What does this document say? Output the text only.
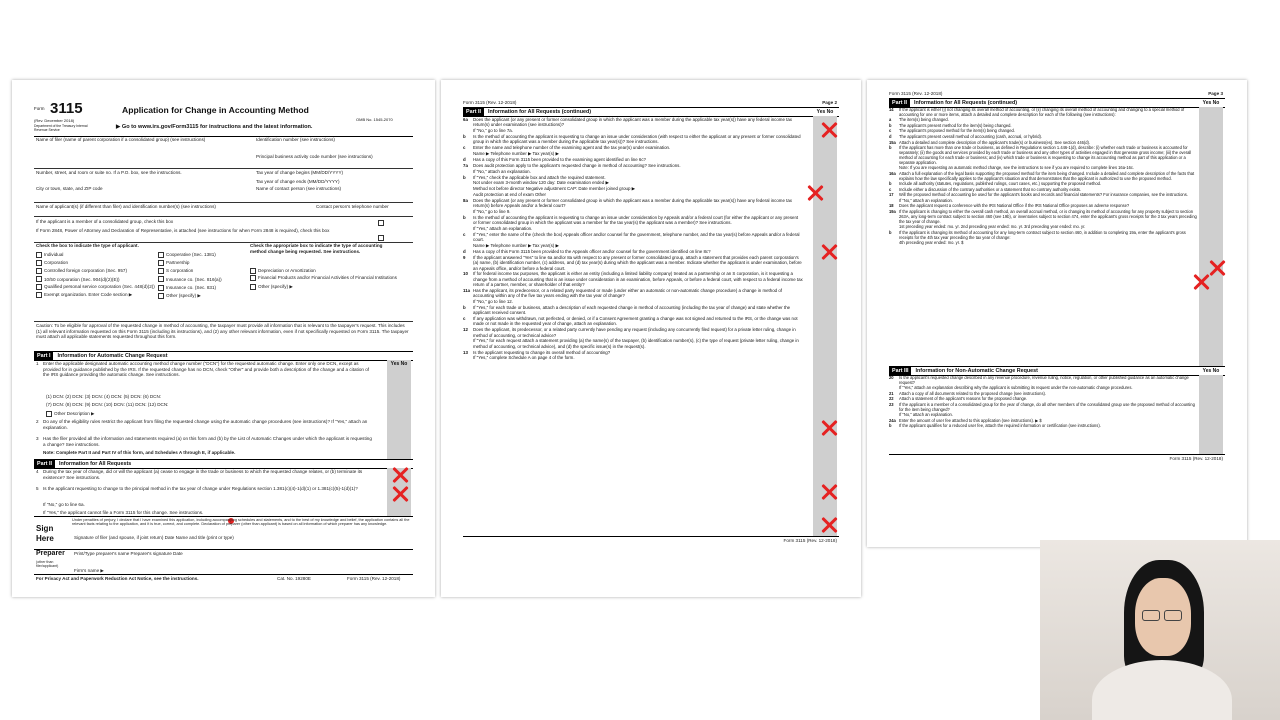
Form 3115
(Rev. December 2018)
Department of the Treasury Internal Revenue Service
Application for Change in Accounting Method
▶ Go to www.irs.gov/Form3115 for instructions and the latest information.
OMB No. 1545-2070
Name of filer (name of parent corporation if a consolidated group) (see instructions)	Identification number (see instructions)
Principal business activity code number (see instructions)
Number, street, and room or suite no. If a P.O. box, see the instructions.	Tax year of change begins (MM/DD/YYYY)
Tax year of change ends (MM/DD/YYYY)
City or town, state, and ZIP code	Name of contact person (see instructions)
Name of applicant(s) (if different than filer) and identification number(s) (see instructions)	Contact person's telephone number
If the applicant is a member of a consolidated group, check this box
If Form 2848, Power of Attorney and Declaration of Representative, is attached (see instructions for when Form 2848 is required), check this box
Check the box to indicate the type of applicant.
Individual
Corporation
Controlled foreign corporation (Sec. 957)
10/50 corporation (Sec. 904(d)(2)(E))
Qualified personal service corporation (Sec. 448(d)(2))
Exempt organization. Enter Code section ▶
Cooperative (Sec. 1381)
Partnership
S corporation
Insurance co. (Sec. 816(a))
Insurance co. (Sec. 831)
Other (specify) ▶
Check the appropriate box to indicate the type of accounting method change being requested. See instructions.
Depreciation or Amortization
Financial Products and/or Financial Activities of Financial Institutions
Other (specify) ▶
Caution: To be eligible for approval of the requested change in method of accounting, the taxpayer must provide all information that is relevant to the taxpayer's request. This includes (1) all relevant information requested on this Form 3115 (including its instructions), and (2) any other relevant information, even if not specifically requested on Form 3115. The taxpayer must attach all applicable statements requested throughout this form.
Part I Information for Automatic Change Request
Yes No
1 Enter the applicable designated automatic accounting method change number ("DCN") for the requested automatic change. Enter only one DCN, except as provided for in guidance published by the IRS. If the requested change has no DCN, check "Other" and provide both a description of the change and a citation of the IRS guidance providing the automatic change. See instructions.
(1) DCN: (2) DCN: (3) DCN: (4) DCN: (5) DCN: (6) DCN:
(7) DCN: (8) DCN: (9) DCN: (10) DCN: (11) DCN: (12) DCN:
Other Description ▶
2 Do any of the eligibility rules restrict the applicant from filing the requested change using the automatic change procedures (see instructions)? If "Yes," attach an explanation.
3 Has the filer provided all the information and statements required (a) on this form and (b) by the List of Automatic Changes under which the applicant is requesting a change? See instructions.
Note: Complete Part II and Part IV of this form, and Schedules A through E, if applicable.
Part II Information for All Requests
4 During the tax year of change, did or will the applicant (a) cease to engage in the trade or business to which the requested change relates, or (b) terminate its existence? See instructions.
5 Is the applicant requesting to change to the principal method in the tax year of change under Regulations section 1.381(c)(4)-1(d)(1) or 1.381(c)(5)-1(d)(1)?
If "No," go to line 6a.
If "Yes," the applicant cannot file a Form 3115 for this change. See instructions.
Sign Here
Under penalties of perjury, I declare that I have examined this application, including accompanying schedules and statements, and to the best of my knowledge and belief, the application contains all the relevant facts relating to the application, and it is true, correct, and complete. Declaration of preparer (other than applicant) is based on all information of which preparer has any knowledge.
Signature of filer (and spouse, if joint return) Date Name and title (print or type)
Preparer
(other than filer/applicant)
Print/Type preparer's name Preparer's signature Date
Firm's name ▶
For Privacy Act and Paperwork Reduction Act Notice, see the instructions.	Cat. No. 19280E	Form 3115 (Rev. 12-2018)
Form 3115 (Rev. 12-2018)	Page 2
Part II Information for All Requests (continued)	Yes No
6a	Does the applicant (or any present or former consolidated group in which the applicant was a member during the applicable tax year(s)) have any federal income tax return(s) under examination (see instructions)?
If "No," go to line 7a.
b	Is the method of accounting the applicant is requesting to change an issue under consideration (with respect to either the applicant or any present or former consolidated group in which the applicant was a member during the applicable tax year(s))? See instructions.
c	Enter the name and telephone number of the examining agent and the tax year(s) under examination.
Name ▶ Telephone number ▶ Tax year(s) ▶
d	Has a copy of this Form 3115 been provided to the examining agent identified on line 6c?
7a	Does audit protection apply to the applicant's requested change in method of accounting? See instructions.
If "No," attach an explanation.
b	If "Yes," check the applicable box and attach the required statement.
Not under exam 3-month window 120 day: Date examination ended ▶
Method not before director Negative adjustment CAP: Date member joined group ▶
Audit protection at end of exam Other
8a	Does the applicant (or any present or former consolidated group in which the applicant was a member during the applicable tax year(s)) have any federal income tax return(s) before Appeals and/or a federal court?
If "No," go to line 9.
b	Is the method of accounting the applicant is requesting to change an issue under consideration by Appeals and/or a federal court (for either the applicant or any present or former consolidated group in which the applicant was a member for the tax year(s) the applicant was a member)? See instructions.
If "Yes," attach an explanation.
c	If "Yes," enter the name of the (check the box) Appeals officer and/or counsel for the government, telephone number, and the tax year(s) before Appeals and/or a federal court.
Name ▶ Telephone number ▶ Tax year(s) ▶
d	Has a copy of this Form 3115 been provided to the Appeals officer and/or counsel for the government identified on line 8c?
9	If the applicant answered "Yes" to line 6a and/or 8a with respect to any present or former consolidated group, attach a statement that provides each parent corporation's (a) name, (b) identification number, (c) address, and (d) tax year(s) during which the applicant was a member. Indicate whether the applicant is under examination, before an Appeals office, and/or before a federal court.
10	If for federal income tax purposes, the applicant is either an entity (including a limited liability company) treated as a partnership or an S corporation, is it requesting a change from a method of accounting that is an issue under consideration in an examination, before Appeals, or before a federal court, with respect to a federal income tax return of a partner, member, or shareholder of that entity?
11a Has the applicant, its predecessor, or a related party requested or made (under either an automatic or non-automatic change procedure) a change in method of accounting within any of the five tax years ending with the tax year of change?
If "No," go to line 12.
b	If "Yes," for each trade or business, attach a description of each requested change in method of accounting (including the tax year of change) and state whether the applicant received consent.
c	If any application was withdrawn, not perfected, or denied, or if a Consent Agreement granting a change was not signed and returned to the IRS, or the change was not made or not made in the requested year of change, attach an explanation.
12	Does the applicant, its predecessor, or a related party currently have pending any request (including any concurrently filed request) for a private letter ruling, change in method of accounting, or technical advice?
If "Yes," for each request attach a statement providing (a) the name(s) of the taxpayer, (b) identification number(s), (c) the type of request (private letter ruling, change in method of accounting, or technical advice), and (d) the specific issue(s) in the request(s).
13	Is the applicant requesting to change its overall method of accounting?
If "Yes," complete Schedule A on page 4 of the form.
Form 3115 (Rev. 12-2018)
Form 3115 (Rev. 12-2018)	Page 3
Part II Information for All Requests (continued)	Yes No
14	If the applicant is either (i) not changing its overall method of accounting, or (ii) changing its overall method of accounting and changing to a special method of accounting for one or more items, attach a detailed and complete description for each of the following (see instructions):
a	The item(s) being changed.
b	The applicant's present method for the item(s) being changed.
c	The applicant's proposed method for the item(s) being changed.
d	The applicant's present overall method of accounting (cash, accrual, or hybrid).
15a Attach a detailed and complete description of the applicant's trade(s) or business(es). See section 446(d).
b	If the applicant has more than one trade or business, as defined in Regulations section 1.446-1(d), describe: (i) whether each trade or business is accounted for separately; (ii) the goods and services provided by each trade or business and any other types of activities engaged in that generate gross income; (iii) the overall method of accounting for each trade or business; and (iv) which trade or business is requesting to change its accounting method as part of this application or a separate application.
Note: If you are requesting an automatic method change, see the instructions to see if you are required to complete lines 16a-16c.
16a Attach a full explanation of the legal basis supporting the proposed method for the item being changed. Include a detailed and complete description of the facts that explains how the law specifically applies to the applicant's situation and that demonstrates that the applicant is authorized to use the proposed method.
b	Include all authority (statutes, regulations, published rulings, court cases, etc.) supporting the proposed method.
c	Include either a discussion of the contrary authorities or a statement that no contrary authority exists.
17	Will the proposed method of accounting be used for the applicant's books and records and financial statements? For insurance companies, see the instructions.
If "No," attach an explanation.
18	Does the applicant request a conference with the IRS National Office if the IRS National Office proposes an adverse response?
19a If the applicant is changing to either the overall cash method, an overall accrual method, or is changing its method of accounting for any property subject to section 263A, any long-term contract subject to section 460 (see 19b), or inventories subject to section 474, enter the applicant's gross receipts for the 3 tax years preceding the tax year of change.
1st preceding year ended: mo. yr. 2nd preceding year ended: mo. yr. 3rd preceding year ended: mo. yr.
b	If the applicant is changing its method of accounting for any long-term contract subject to section 460, in addition to completing 19a, enter the applicant's gross receipts for the 4th tax year preceding the tax year of change:
4th preceding year ended: mo. yr. $
Part III Information for Non-Automatic Change Request	Yes No
20	Is the applicant's requested change described in any revenue procedure, revenue ruling, notice, regulation, or other published guidance as an automatic change request?
If "Yes," attach an explanation describing why the applicant is submitting its request under the non-automatic change procedures.
21	Attach a copy of all documents related to the proposed change (see instructions).
22	Attach a statement of the applicant's reasons for the proposed change.
23	If the applicant is a member of a consolidated group for the year of change, do all other members of the consolidated group use the proposed method of accounting for the item being changed?
If "No," attach an explanation.
24a Enter the amount of user fee attached to this application (see instructions). ▶ $
b	If the applicant qualifies for a reduced user fee, attach the required information or certification (see instructions).
Form 3115 (Rev. 12-2018)
